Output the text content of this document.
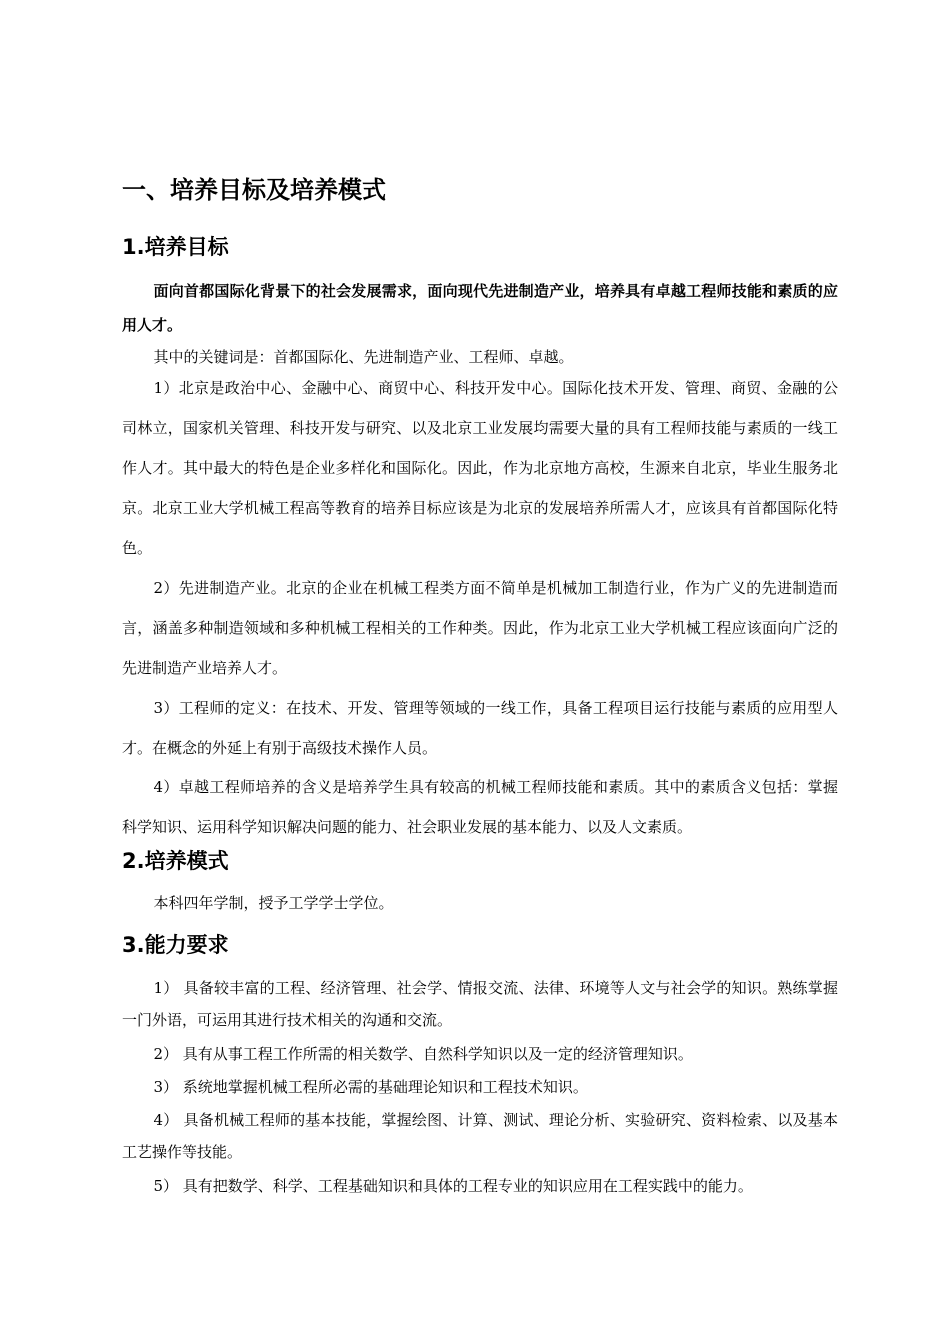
一、培养目标及培养模式
1.培养目标

面向首都国际化背景下的社会发展需求，面向现代先进制造产业，培养具有卓越工程师技能和素质的应用人才。

其中的关键词是：首都国际化、先进制造产业、工程师、卓越。

1）北京是政治中心、金融中心、商贸中心、科技开发中心。国际化技术开发、管理、商贸、金融的公司林立，国家机关管理、科技开发与研究、以及北京工业发展均需要大量的具有工程师技能与素质的一线工作人才。其中最大的特色是企业多样化和国际化。因此，作为北京地方高校，生源来自北京，毕业生服务北京。北京工业大学机械工程高等教育的培养目标应该是为北京的发展培养所需人才，应该具有首都国际化特色。

2）先进制造产业。北京的企业在机械工程类方面不简单是机械加工制造行业，作为广义的先进制造而言，涵盖多种制造领域和多种机械工程相关的工作种类。因此，作为北京工业大学机械工程应该面向广泛的先进制造产业培养人才。

3）工程师的定义：在技术、开发、管理等领域的一线工作，具备工程项目运行技能与素质的应用型人才。在概念的外延上有别于高级技术操作人员。

4）卓越工程师培养的含义是培养学生具有较高的机械工程师技能和素质。其中的素质含义包括：掌握科学知识、运用科学知识解决问题的能力、社会职业发展的基本能力、以及人文素质。

2.培养模式

本科四年学制，授予工学学士学位。

3.能力要求

1） 具备较丰富的工程、经济管理、社会学、情报交流、法律、环境等人文与社会学的知识。熟练掌握一门外语，可运用其进行技术相关的沟通和交流。

2） 具有从事工程工作所需的相关数学、自然科学知识以及一定的经济管理知识。

3） 系统地掌握机械工程所必需的基础理论知识和工程技术知识。

4） 具备机械工程师的基本技能，掌握绘图、计算、测试、理论分析、实验研究、资料检索、以及基本工艺操作等技能。

5） 具有把数学、科学、工程基础知识和具体的工程专业的知识应用在工程实践中的能力。
